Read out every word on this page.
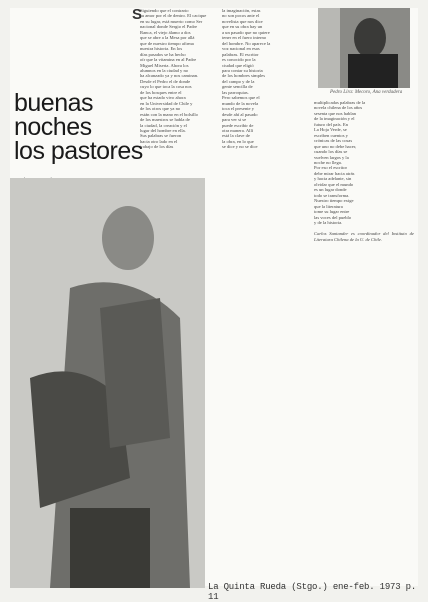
Pedro Lira: Mecoro, Ana verdadera
S
buenas
noches
los pastores
Siguiendo que el contrario
su amor por el de dentro. El cacique
en su lugar, está muerto como Ser
nacional donde Sergio el Padre
Ranca, el viejo álamo a dos
que se abre a la Mesa por allá
que de nuestro tiempo afirma
nuestra historia. En los
días pasados se ha hecho
oír que la vitamina en al Padre
Miguel Miseria. Ahora los
alumnos en la ciudad y no
ha alcanzado ya y nos caminan.
Desde el Pedro el de donde
cuyo lo que toca la cosa nos
de los bosques entre el
que ha estado vivo ahora
en la Universidad de Chile y
de los otros que ya no
están con la mano en el bolsillo
de los maestros se habla de
la ciudad, la creación y el
lugar del hombre en ella.
Sus palabras se fueron
hacia otro lado en el
trabajo de los días
la imaginación, estas
no son pocos ante el
novelista que nos dice
que en su obra hay un
a un pasado que no quiere
tener en el fuero interno
del hombre. No aparece la
voz nacional en esas
palabras. El escritor
es conocido por la
ciudad que eligió
para contar su historia
de los hombres simples
del campo y de la
gente sencilla de
las parroquias.
Pero sabemos que el
mundo de la novela
toca el presente y
desde ahí al pasado
para ver si se
puede escribir de
otra manera. Allí
está la clave de
la obra, en lo que
se dice y no se dice
multiplicadas palabras de la
novela chilena de los años
sesenta que nos hablan
de la imaginación y el
futuro del país. En
La Hoja Verde, se
escriben cuentos y
crónicas de las cosas
que uno no debe hacer,
cuando los días se
vuelven largos y la
noche no llega.
Por eso el escritor
debe mirar hacia atrás
y hacia adelante, sin
olvidar que el mundo
es un lugar donde
todo se transforma.
Nuestro tiempo exige
que la literatura
tome su lugar entre
las voces del pueblo
y de la historia.
Carlos Santander es coordinador del Instituto de Literatura Chilena de la U. de Chile.
La Quinta Rueda (Stgo.) ene-feb. 1973 p. 11
